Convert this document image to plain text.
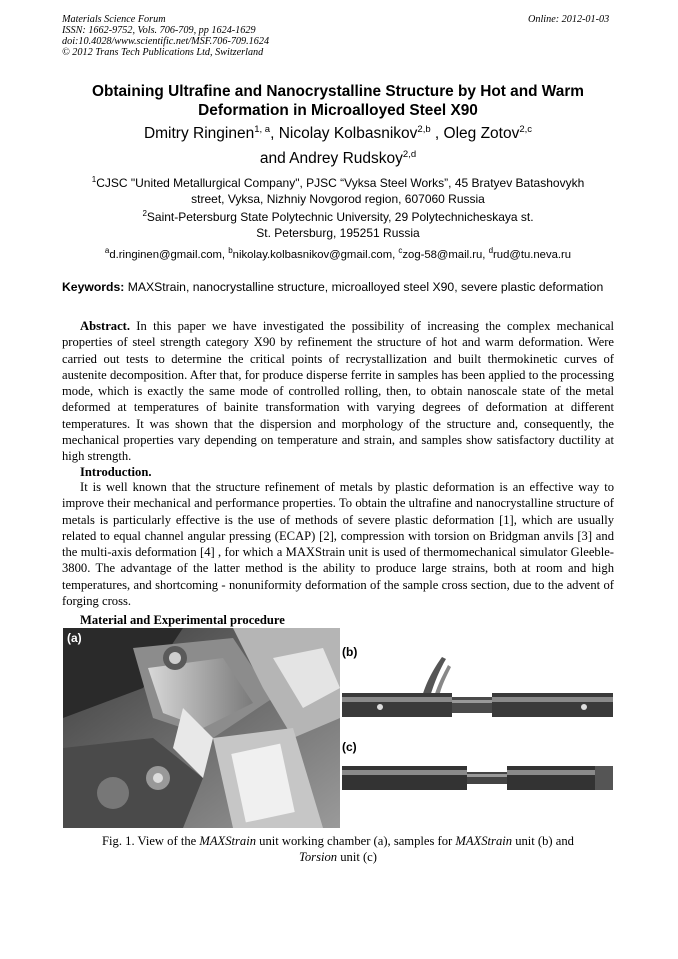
Materials Science Forum
ISSN: 1662-9752, Vols. 706-709, pp 1624-1629
doi:10.4028/www.scientific.net/MSF.706-709.1624
© 2012 Trans Tech Publications Ltd, Switzerland
Online: 2012-01-03
Obtaining Ultrafine and Nanocrystalline Structure by Hot and Warm
Deformation in Microalloyed Steel X90
Dmitry Ringinen$^{1, a}$, Nicolay Kolbasnikov$^{2,b}$ , Oleg Zotov$^{2,c}$
and Andrey Rudskoy$^{2,d}$
$^1$CJSC "United Metallurgical Company", PJSC “Vyksa Steel Works”, 45 Bratyev Batashovykh
street, Vyksa, Nizhniy Novgorod region, 607060 Russia
$^2$Saint-Petersburg State Polytechnic University, 29 Polytechnicheskaya st.
St. Petersburg, 195251 Russia
$^a$d.ringinen@gmail.com, $^b$nikolay.kolbasnikov@gmail.com, $^c$zog-58@mail.ru, $^d$rud@tu.neva.ru
Keywords: MAXStrain, nanocrystalline structure, microalloyed steel X90, severe plastic deformation
Abstract. In this paper we have investigated the possibility of increasing the complex mechanical properties of steel strength category X90 by refinement the structure of hot and warm deformation. Were carried out tests to determine the critical points of recrystallization and built thermokinetic curves of austenite decomposition. After that, for produce disperse ferrite in samples has been applied to the processing mode, which is exactly the same mode of controlled rolling, then, to obtain nanoscale state of the metal deformed at temperatures of bainite transformation with varying degrees of deformation at different temperatures. It was shown that the dispersion and morphology of the structure and, consequently, the mechanical properties vary depending on temperature and strain, and samples show satisfactory ductility at high strength.
Introduction.
It is well known that the structure refinement of metals by plastic deformation is an effective way to improve their mechanical and performance properties. To obtain the ultrafine and nanocrystalline structure of metals is particularly effective is the use of methods of severe plastic deformation [1], which are usually related to equal channel angular pressing (ECAP) [2], compression with torsion on Bridgman anvils [3] and the multi-axis deformation [4] , for which a MAXStrain unit is used of thermomechanical simulator Gleeble-3800. The advantage of the latter method is the ability to produce large strains, both at room and high temperatures, and shortcoming - nonuniformity deformation of the sample cross section, due to the advent of forging cross.
Material and Experimental procedure
(a)
(b)
(c)
Fig. 1. View of the MAXStrain unit working chamber (a), samples for MAXStrain unit (b) and
Torsion unit (c)
